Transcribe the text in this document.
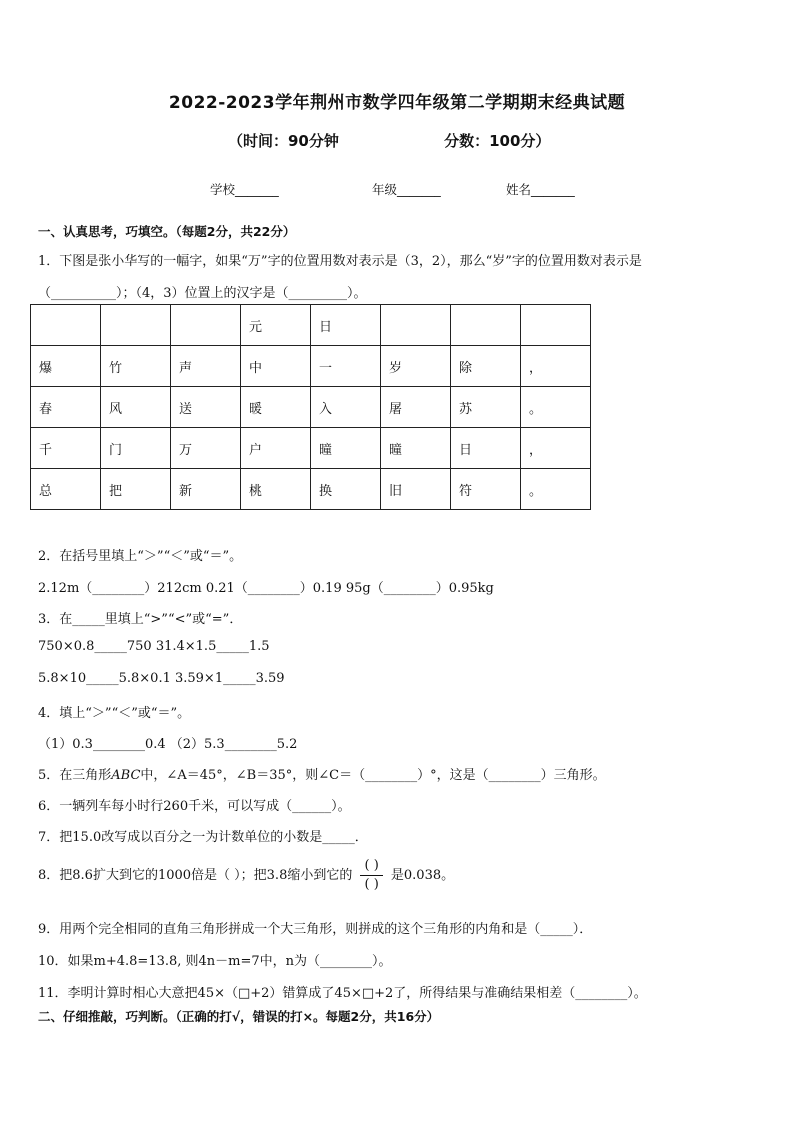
2022-2023学年荆州市数学四年级第二学期期末经典试题
（时间：90分钟	分数：100分）
学校_______	年级_______	姓名_______
一、认真思考，巧填空。（每题2分，共22分）
1．下图是张小华写的一幅字，如果“万”字的位置用数对表示是（3，2），那么“岁”字的位置用数对表示是
（__________）；（4，3）位置上的汉字是（_________）。
			元	日			
爆	竹	声	中	一	岁	除	，
春	风	送	暖	入	屠	苏	。
千	门	万	户	曈	曈	日	，
总	把	新	桃	换	旧	符	。
2．在括号里填上“＞”“＜”或“＝”。
2.12m（________）212cm 0.21（________）0.19 95g（________）0.95kg
3．在_____里填上“>”“<”或“=”．
750×0.8_____750 31.4×1.5_____1.5
5.8×10_____5.8×0.1 3.59×1_____3.59
4．填上“＞”“＜”或“＝”。
（1）0.3________0.4 （2）5.3________5.2
5．在三角形ABC中，∠A＝45°，∠B＝35°，则∠C＝（________）°，这是（________）三角形。
6．一辆列车每小时行260千米，可以写成（______）。
7．把15.0改写成以百分之一为计数单位的小数是_____．
8．把8.6扩大到它的1000倍是（ ）；把3.8缩小到它的 $\frac{( )}{( )}$ 是0.038。
9．用两个完全相同的直角三角形拼成一个大三角形，则拼成的这个三角形的内角和是（_____）．
10．如果m+4.8=13.8, 则4n－m=7中，n为（________）。
11．李明计算时相心大意把45×（□+2）错算成了45×□+2了，所得结果与准确结果相差（________）。
二、仔细推敲，巧判断。（正确的打√，错误的打×。每题2分，共16分）
